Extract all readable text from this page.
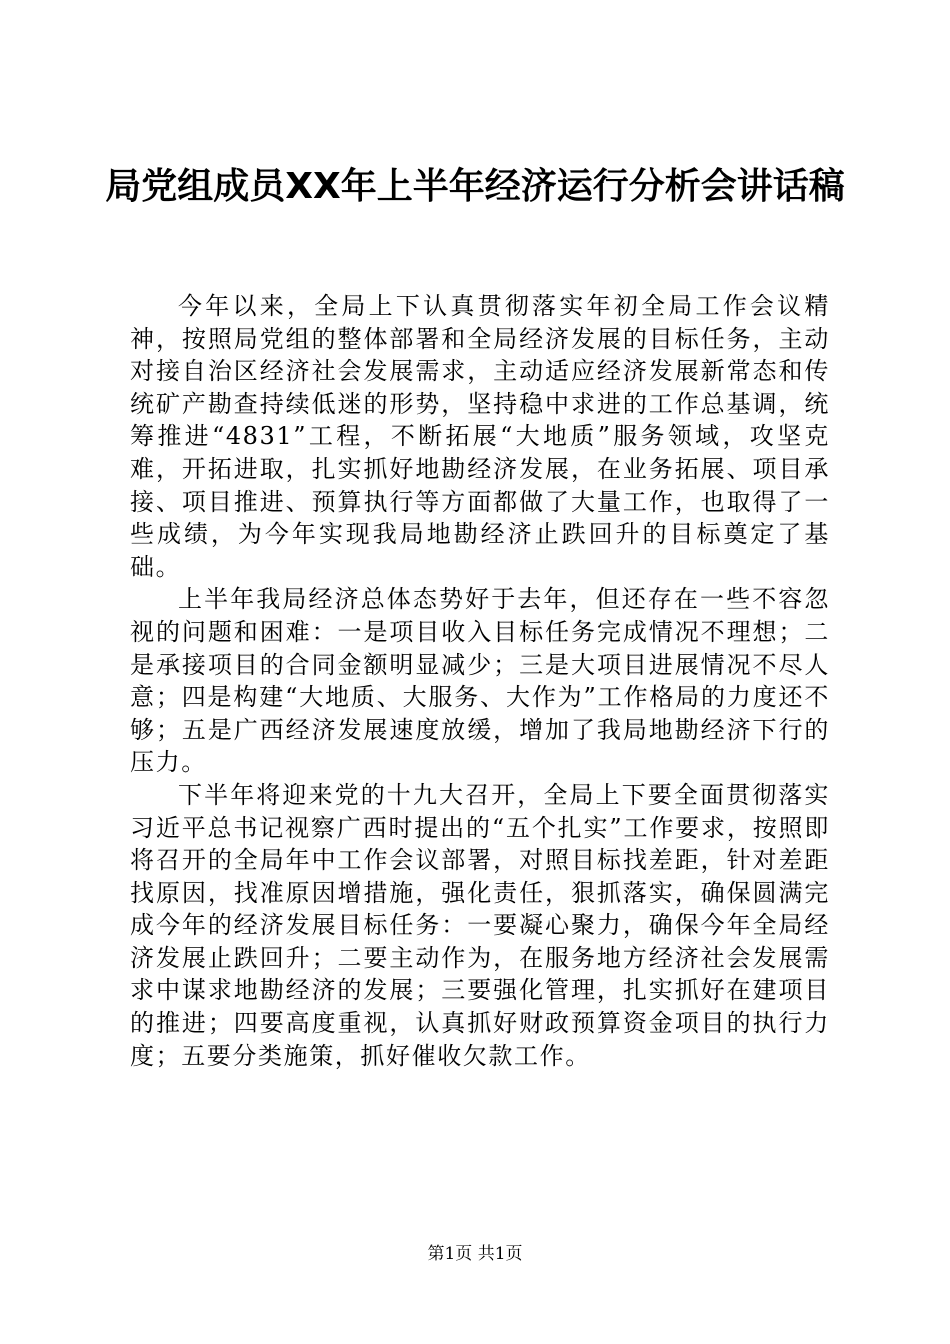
局党组成员XX年上半年经济运行分析会讲话稿

今年以来，全局上下认真贯彻落实年初全局工作会议精神，按照局党组的整体部署和全局经济发展的目标任务，主动对接自治区经济社会发展需求，主动适应经济发展新常态和传统矿产勘查持续低迷的形势，坚持稳中求进的工作总基调，统筹推进“4831”工程，不断拓展“大地质”服务领域，攻坚克难，开拓进取，扎实抓好地勘经济发展，在业务拓展、项目承接、项目推进、预算执行等方面都做了大量工作，也取得了一些成绩，为今年实现我局地勘经济止跌回升的目标奠定了基础。

上半年我局经济总体态势好于去年，但还存在一些不容忽视的问题和困难：一是项目收入目标任务完成情况不理想；二是承接项目的合同金额明显减少；三是大项目进展情况不尽人意；四是构建“大地质、大服务、大作为”工作格局的力度还不够；五是广西经济发展速度放缓，增加了我局地勘经济下行的压力。

下半年将迎来党的十九大召开，全局上下要全面贯彻落实习近平总书记视察广西时提出的“五个扎实”工作要求，按照即将召开的全局年中工作会议部署，对照目标找差距，针对差距找原因，找准原因增措施，强化责任，狠抓落实，确保圆满完成今年的经济发展目标任务：一要凝心聚力，确保今年全局经济发展止跌回升；二要主动作为，在服务地方经济社会发展需求中谋求地勘经济的发展；三要强化管理，扎实抓好在建项目的推进；四要高度重视，认真抓好财政预算资金项目的执行力度；五要分类施策，抓好催收欠款工作。

第1页 共1页
